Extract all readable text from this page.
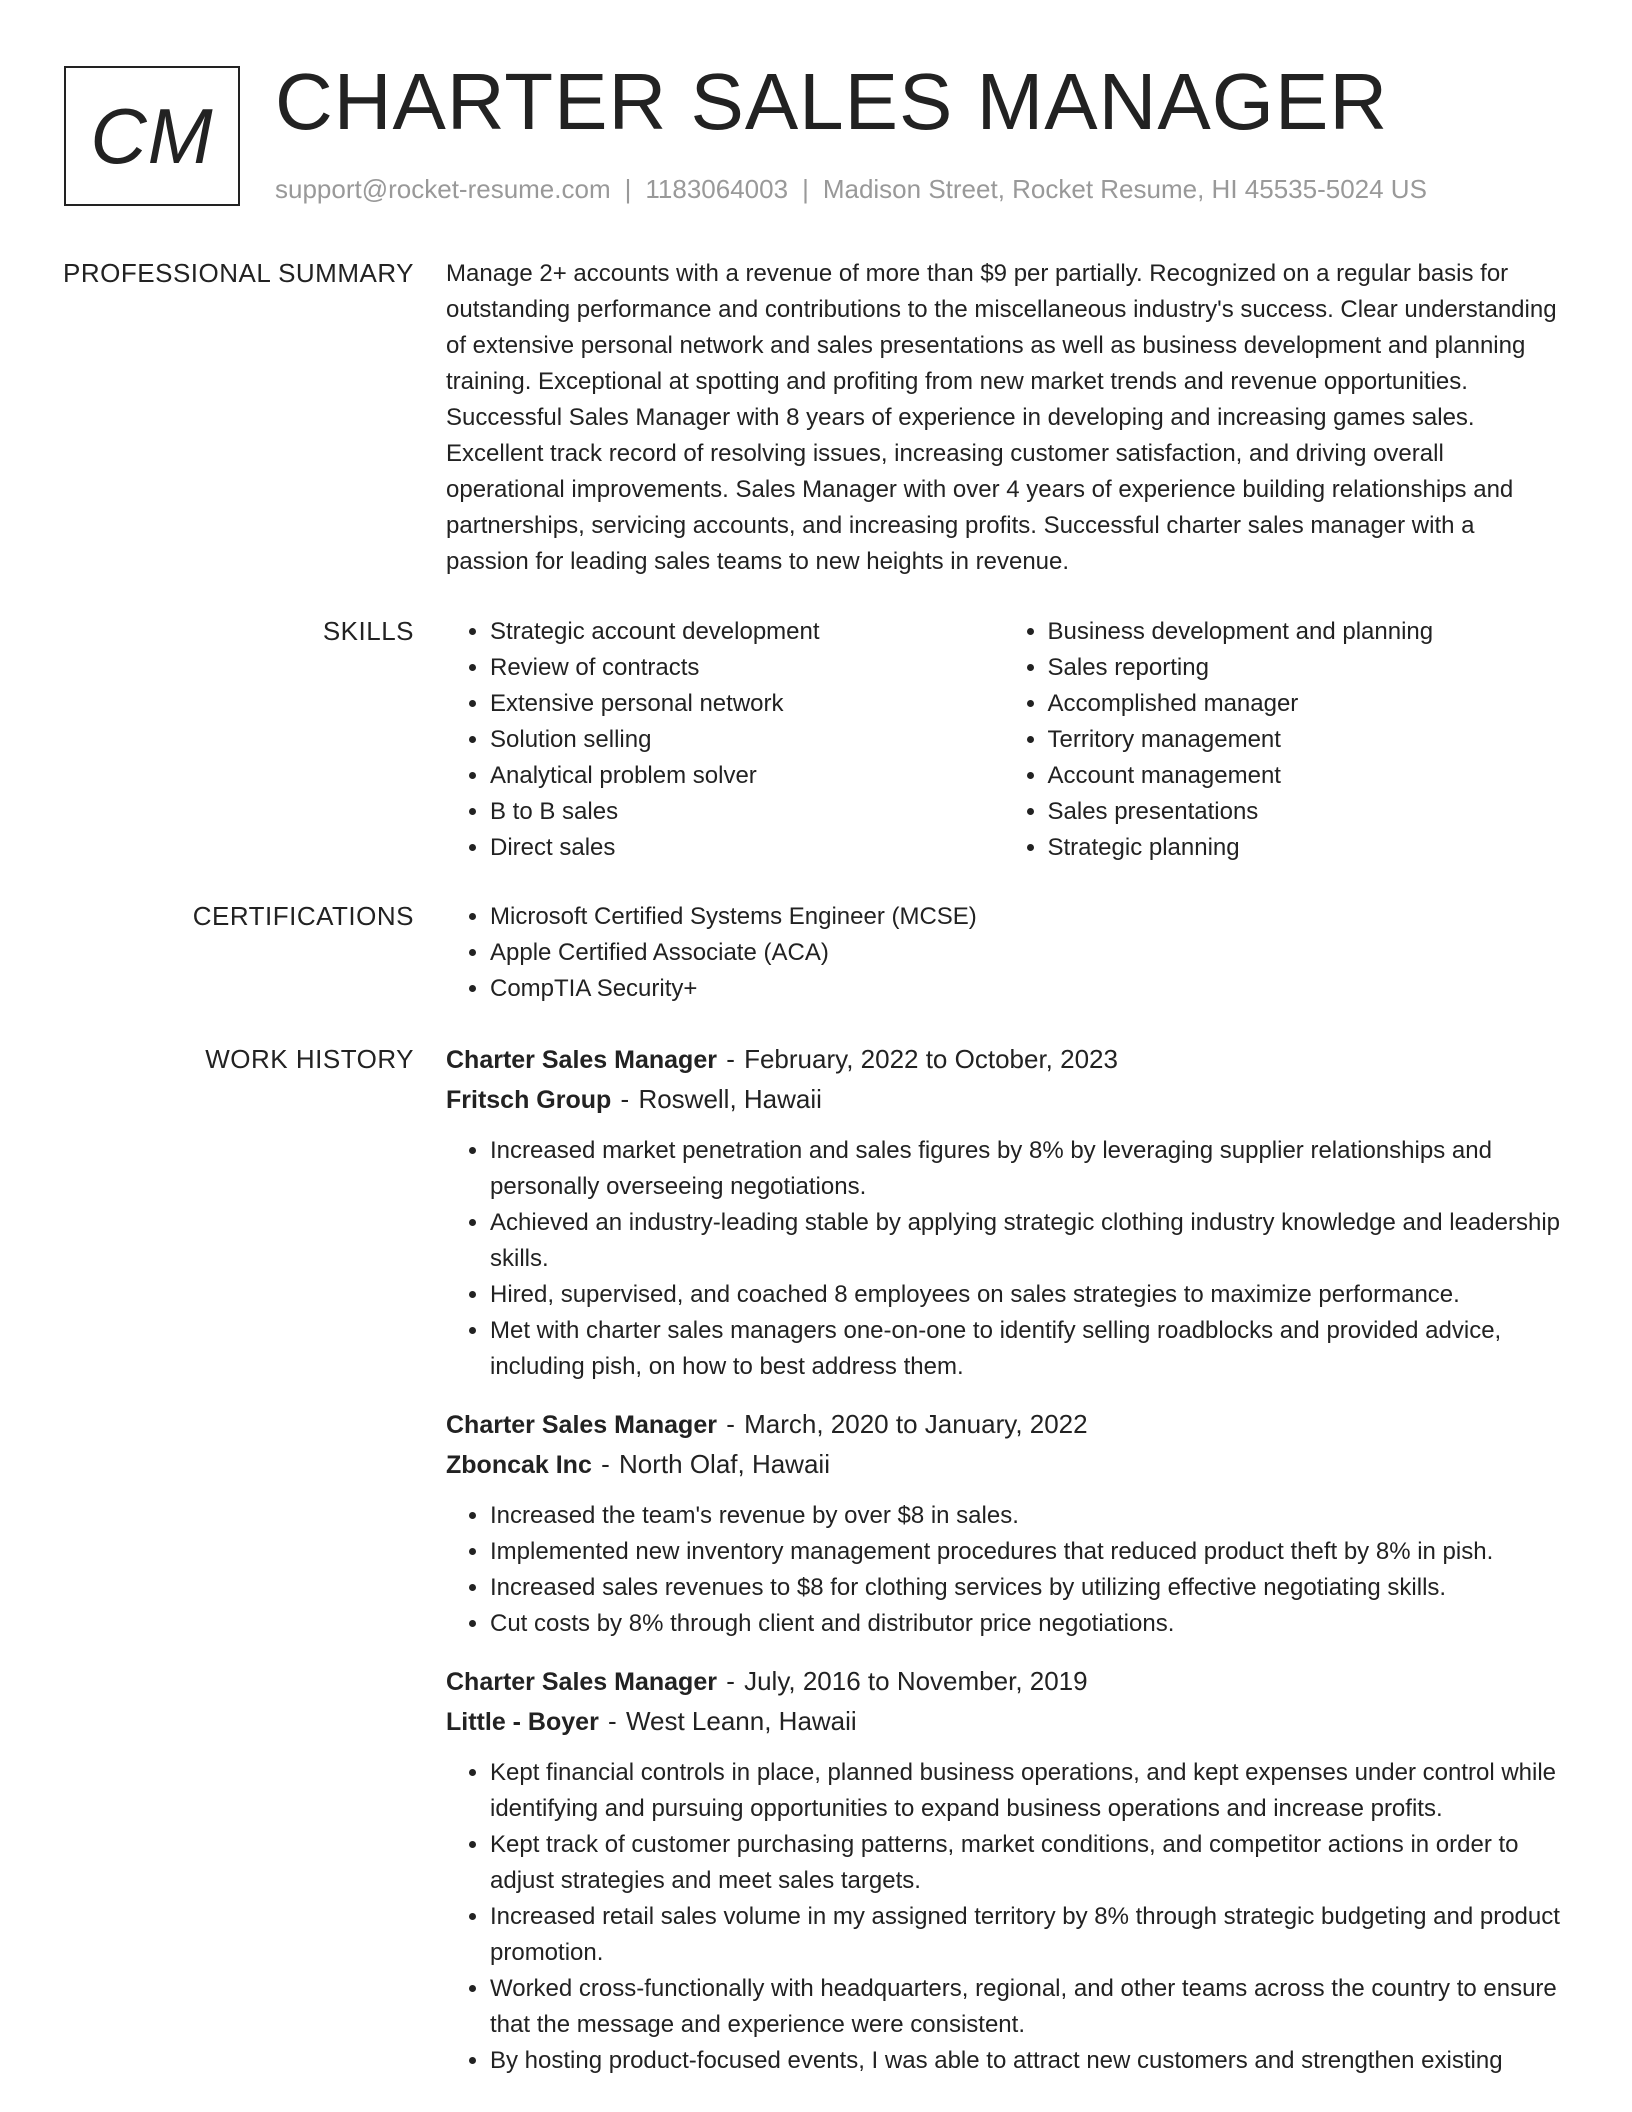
CM CHARTER SALES MANAGER
support@rocket-resume.com | 1183064003 | Madison Street, Rocket Resume, HI 45535-5024 US
PROFESSIONAL SUMMARY Manage 2+ accounts with a revenue of more than $9 per partially. Recognized on a regular basis for outstanding performance and contributions to the miscellaneous industry's success. Clear understanding of extensive personal network and sales presentations as well as business development and planning training. Exceptional at spotting and profiting from new market trends and revenue opportunities. Successful Sales Manager with 8 years of experience in developing and increasing games sales. Excellent track record of resolving issues, increasing customer satisfaction, and driving overall operational improvements. Sales Manager with over 4 years of experience building relationships and partnerships, servicing accounts, and increasing profits. Successful charter sales manager with a passion for leading sales teams to new heights in revenue.

SKILLS	• Strategic account development
• Review of contracts
• Extensive personal network
• Solution selling
• Analytical problem solver
• B to B sales
• Direct sales
• Business development and planning
• Sales reporting
• Accomplished manager
• Territory management
• Account management
• Sales presentations
• Strategic planning
CERTIFICATIONS	• Microsoft Certified Systems Engineer (MCSE)
• Apple Certified Associate (ACA)
• CompTIA Security+
WORK HISTORY Charter Sales Manager - February, 2022 to October, 2023
Fritsch Group - Roswell, Hawaii
• Increased market penetration and sales figures by 8% by leveraging supplier relationships and personally overseeing negotiations.
• Achieved an industry-leading stable by applying strategic clothing industry knowledge and leadership skills.
• Hired, supervised, and coached 8 employees on sales strategies to maximize performance.
• Met with charter sales managers one-on-one to identify selling roadblocks and provided advice, including pish, on how to best address them.
Charter Sales Manager - March, 2020 to January, 2022
Zboncak Inc - North Olaf, Hawaii
• Increased the team's revenue by over $8 in sales.
• Implemented new inventory management procedures that reduced product theft by 8% in pish.
• Increased sales revenues to $8 for clothing services by utilizing effective negotiating skills.
• Cut costs by 8% through client and distributor price negotiations.
Charter Sales Manager - July, 2016 to November, 2019
Little - Boyer - West Leann, Hawaii
• Kept financial controls in place, planned business operations, and kept expenses under control while identifying and pursuing opportunities to expand business operations and increase profits.
• Kept track of customer purchasing patterns, market conditions, and competitor actions in order to adjust strategies and meet sales targets.
• Increased retail sales volume in my assigned territory by 8% through strategic budgeting and product promotion.
• Worked cross-functionally with headquarters, regional, and other teams across the country to ensure that the message and experience were consistent.
• By hosting product-focused events, I was able to attract new customers and strengthen existing
